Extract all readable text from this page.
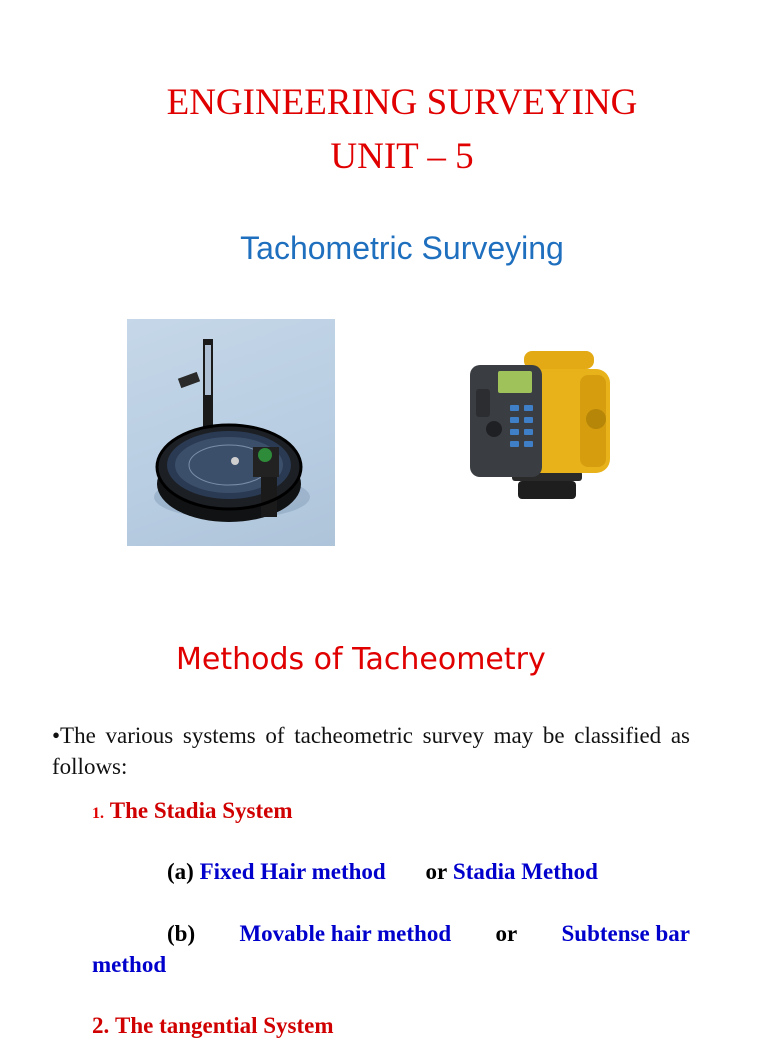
ENGINEERING SURVEYING
UNIT – 5
Tachometric Surveying
Methods of Tacheometry
•The various systems of tacheometric survey may be classified as follows:
1. The Stadia System
(a) Fixed Hair method or Stadia Method
(b) Movable hair method or Subtense bar
2. The tangential System
method
